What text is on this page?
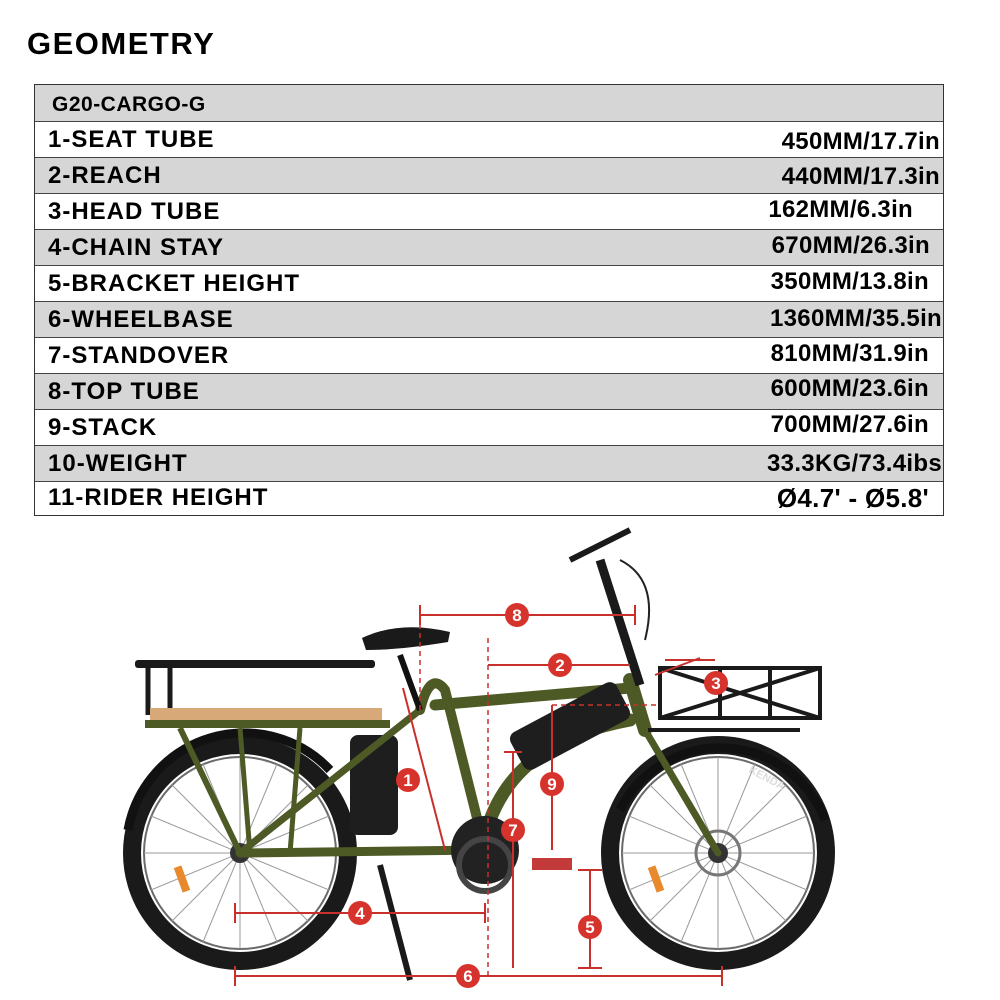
GEOMETRY
G20-CARGO-G
1-SEAT TUBE	450MM/17.7in
2-REACH	440MM/17.3in
3-HEAD TUBE	162MM/6.3in
4-CHAIN STAY	670MM/26.3in
5-BRACKET HEIGHT	350MM/13.8in
6-WHEELBASE	1360MM/35.5in
7-STANDOVER	810MM/31.9in
8-TOP TUBE	600MM/23.6in
9-STACK	700MM/27.6in
10-WEIGHT	33.3KG/73.4ibs
11-RIDER HEIGHT	Ø4.7' - Ø5.8'
1
2
3
4
5
6
7
8
9	KENDA
